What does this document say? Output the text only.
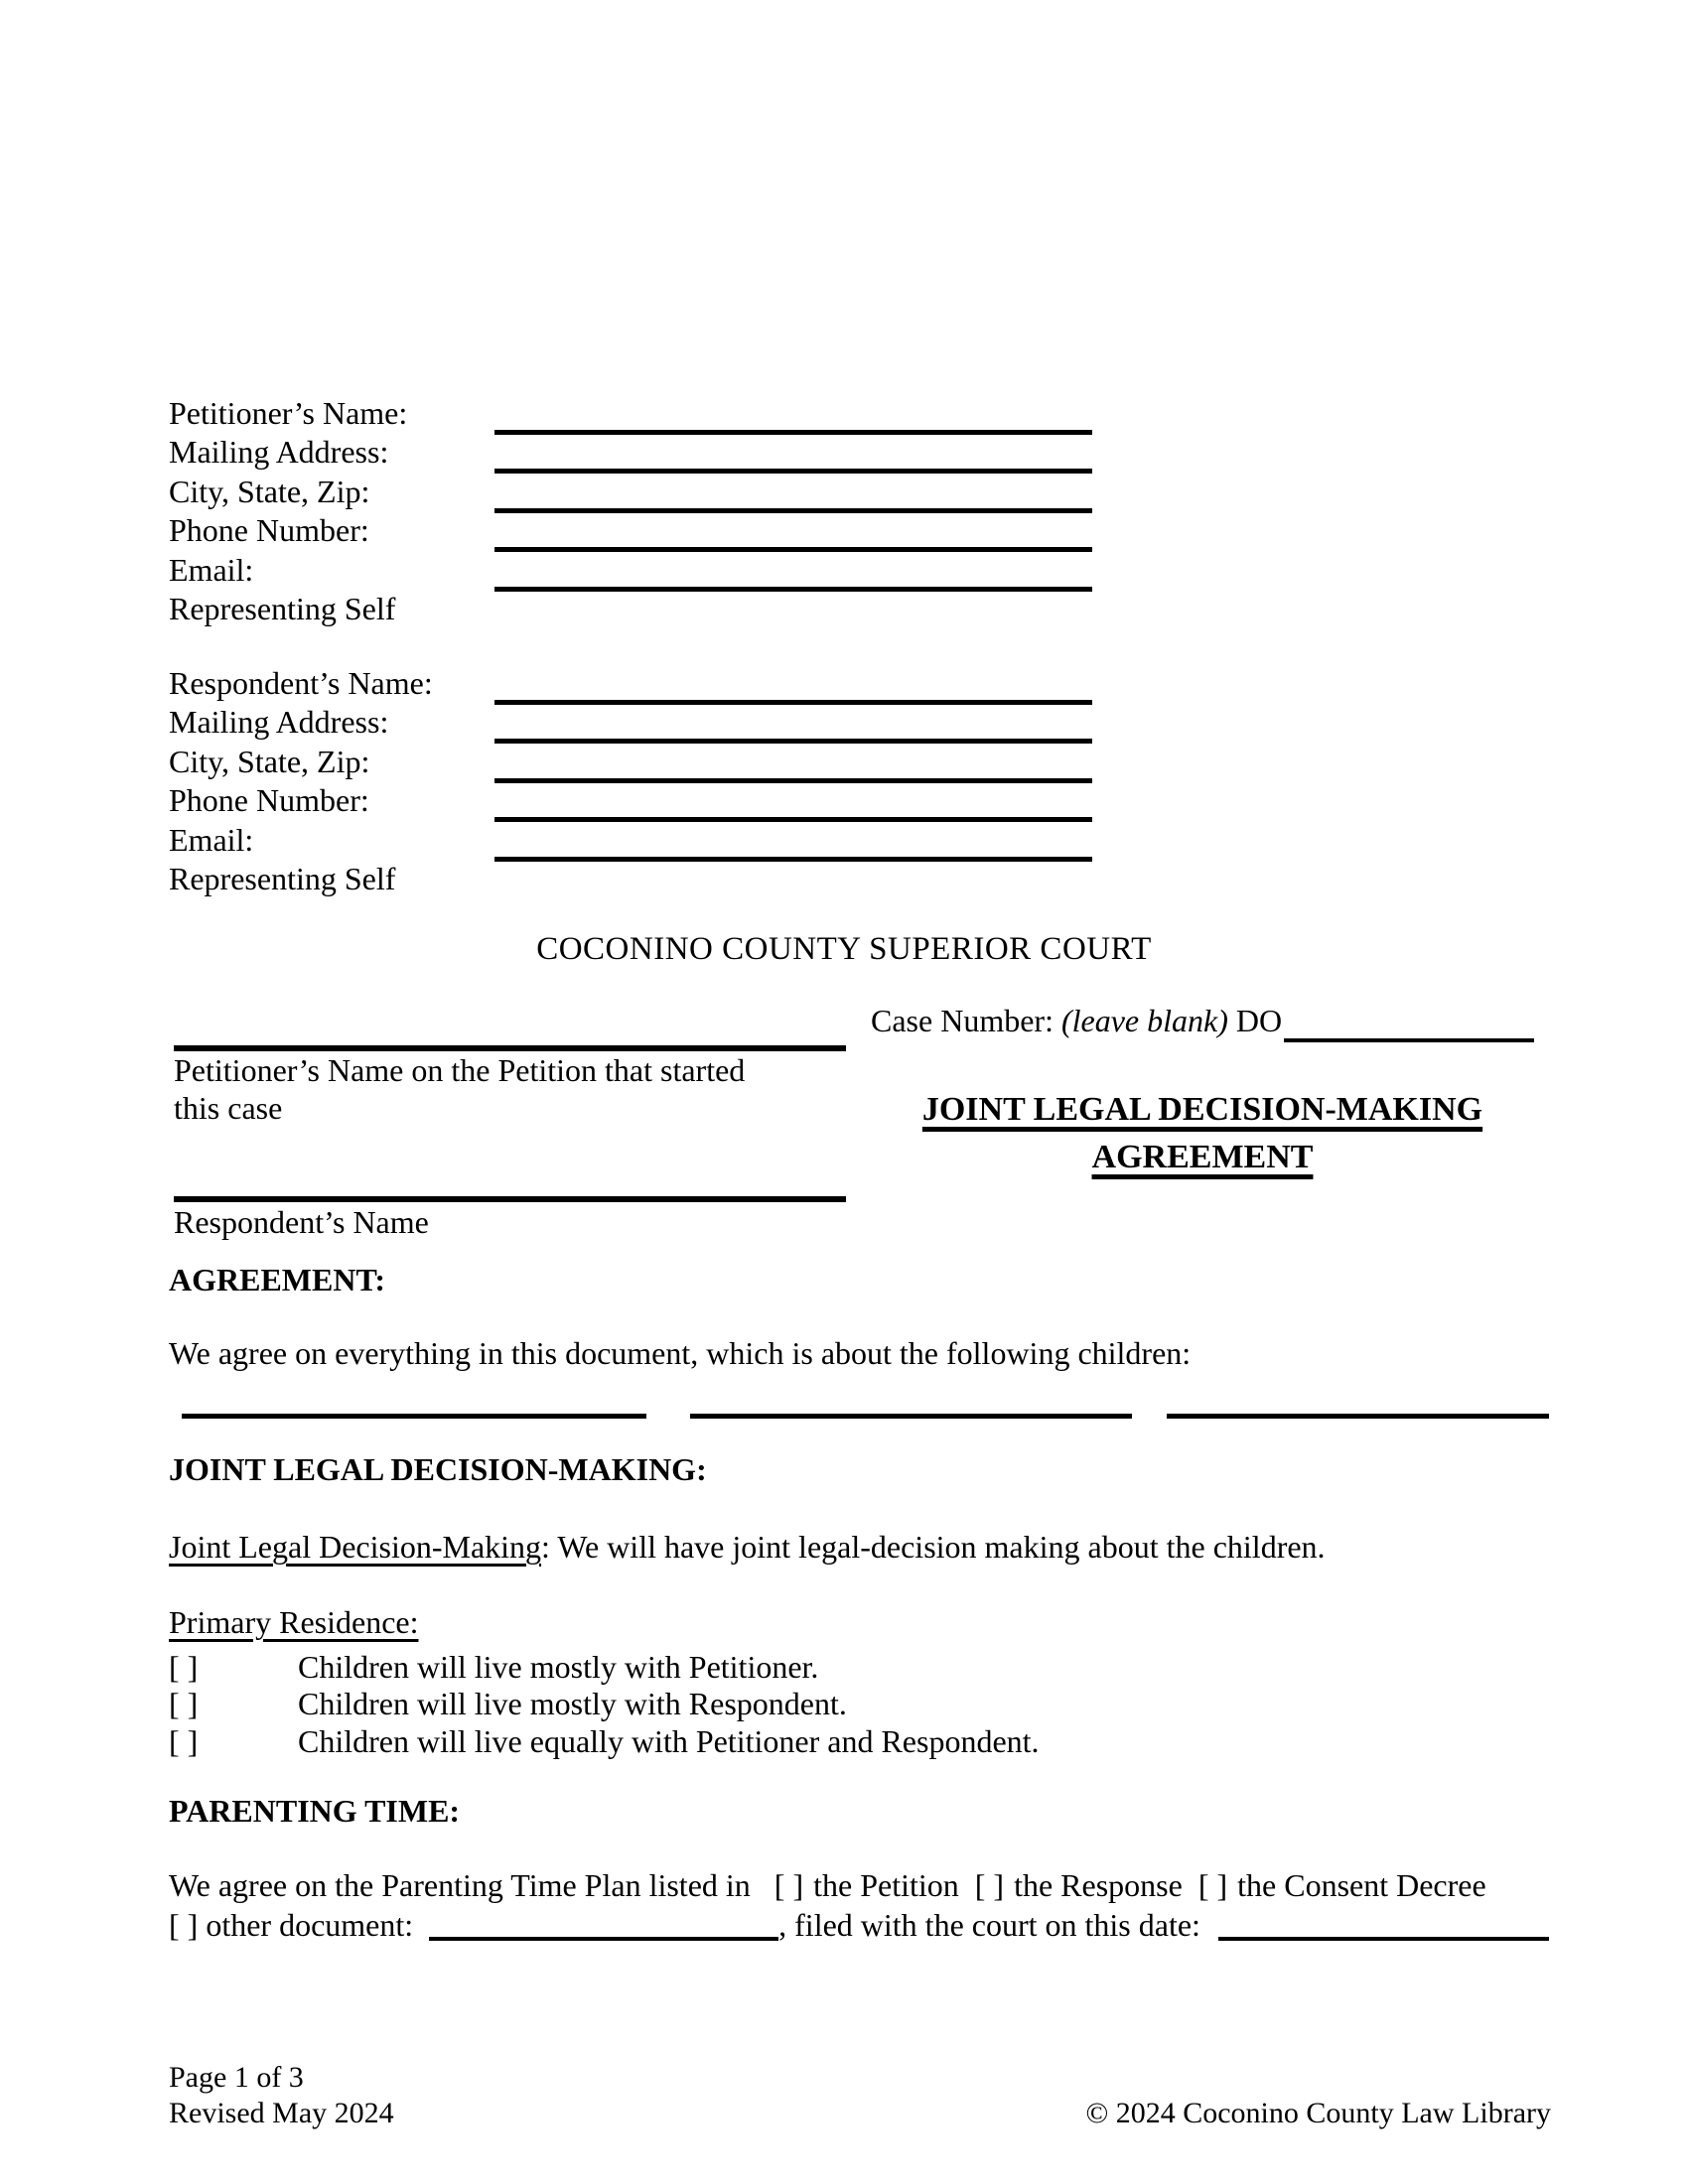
Petitioner’s Name:
Mailing Address:
City, State, Zip:
Phone Number:
Email:
Representing Self
Respondent’s Name:
Mailing Address:
City, State, Zip:
Phone Number:
Email:
Representing Self
COCONINO COUNTY SUPERIOR COURT
Petitioner’s Name on the Petition that started this case
Case Number: (leave blank) DO
JOINT LEGAL DECISION-MAKING AGREEMENT
Respondent’s Name
AGREEMENT:
We agree on everything in this document, which is about the following children:
JOINT LEGAL DECISION-MAKING:
Joint Legal Decision-Making: We will have joint legal-decision making about the children.
Primary Residence:
[ ]	Children will live mostly with Petitioner.
[ ]	Children will live mostly with Respondent.
[ ]	Children will live equally with Petitioner and Respondent.
PARENTING TIME:
We agree on the Parenting Time Plan listed in [ ] the Petition [ ] the Response [ ] the Consent Decree
[ ] other document:	, filed with the court on this date:
Page 1 of 3
Revised May 2024	© 2024 Coconino County Law Library
